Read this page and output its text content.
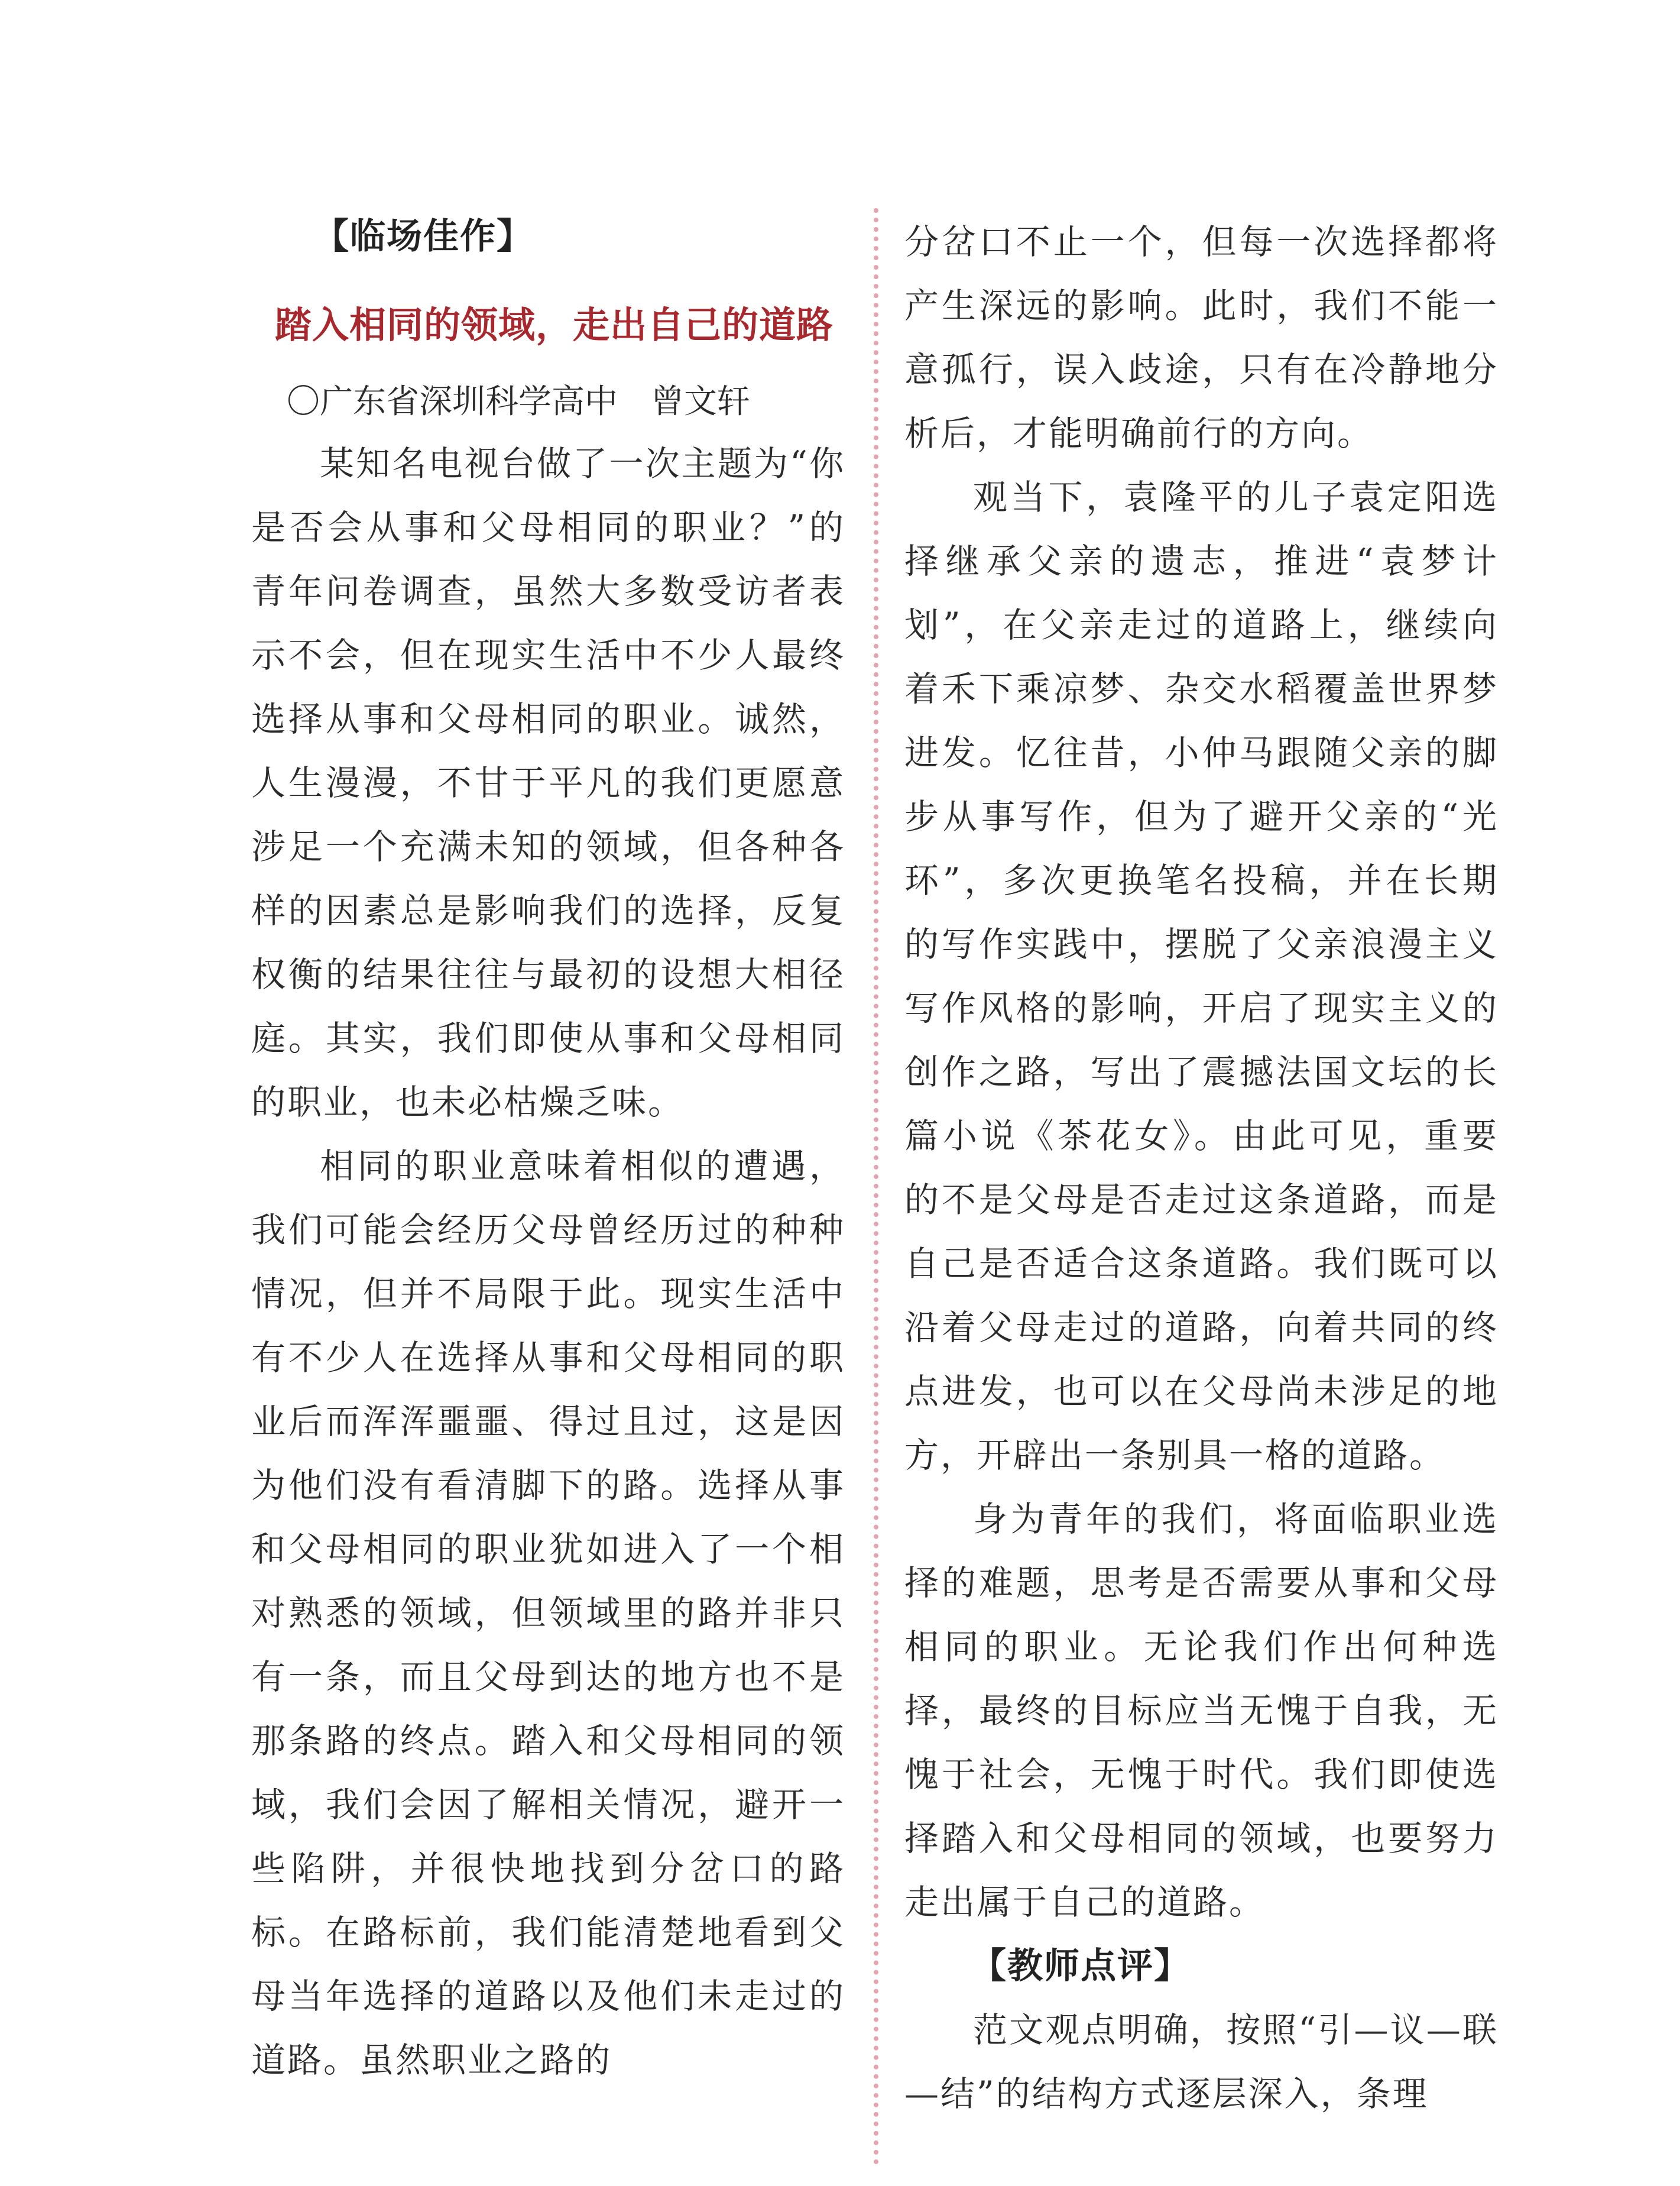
【临场佳作】
踏入相同的领域，走出自己的道路
〇广东省深圳科学高中　曾文轩

某知名电视台做了一次主题为“你是否会从事和父母相同的职业？”的青年问卷调查，虽然大多数受访者表示不会，但在现实生活中不少人最终选择从事和父母相同的职业。诚然，人生漫漫，不甘于平凡的我们更愿意涉足一个充满未知的领域，但各种各样的因素总是影响我们的选择，反复权衡的结果往往与最初的设想大相径庭。其实，我们即使从事和父母相同的职业，也未必枯燥乏味。

相同的职业意味着相似的遭遇，我们可能会经历父母曾经历过的种种情况，但并不局限于此。现实生活中有不少人在选择从事和父母相同的职业后而浑浑噩噩、得过且过，这是因为他们没有看清脚下的路。选择从事和父母相同的职业犹如进入了一个相对熟悉的领域，但领域里的路并非只有一条，而且父母到达的地方也不是那条路的终点。踏入和父母相同的领域，我们会因了解相关情况，避开一些陷阱，并很快地找到分岔口的路标。在路标前，我们能清楚地看到父母当年选择的道路以及他们未走过的道路。虽然职业之路的

分岔口不止一个，但每一次选择都将产生深远的影响。此时，我们不能一意孤行，误入歧途，只有在冷静地分析后，才能明确前行的方向。

观当下，袁隆平的儿子袁定阳选择继承父亲的遗志，推进“袁梦计划”，在父亲走过的道路上，继续向着禾下乘凉梦、杂交水稻覆盖世界梦进发。忆往昔，小仲马跟随父亲的脚步从事写作，但为了避开父亲的“光环”，多次更换笔名投稿，并在长期的写作实践中，摆脱了父亲浪漫主义写作风格的影响，开启了现实主义的创作之路，写出了震撼法国文坛的长篇小说《茶花女》。由此可见，重要的不是父母是否走过这条道路，而是自己是否适合这条道路。我们既可以沿着父母走过的道路，向着共同的终点进发，也可以在父母尚未涉足的地方，开辟出一条别具一格的道路。

身为青年的我们，将面临职业选择的难题，思考是否需要从事和父母相同的职业。无论我们作出何种选择，最终的目标应当无愧于自我，无愧于社会，无愧于时代。我们即使选择踏入和父母相同的领域，也要努力走出属于自己的道路。

【教师点评】

范文观点明确，按照“引—议—联—结”的结构方式逐层深入，条理
